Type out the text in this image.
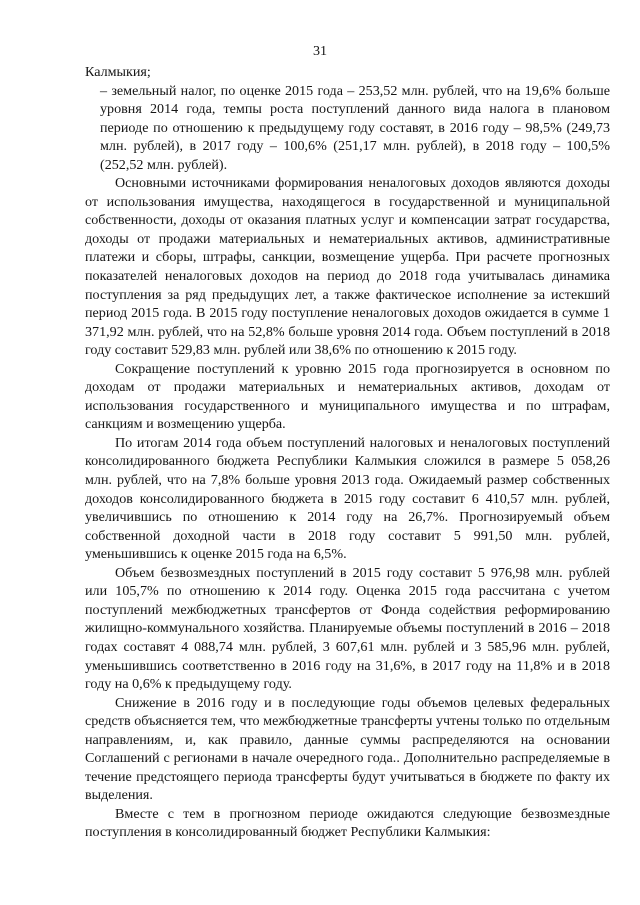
31

Калмыкия;

– земельный налог, по оценке 2015 года – 253,52 млн. рублей, что на 19,6% больше уровня 2014 года, темпы роста поступлений данного вида налога в плановом периоде по отношению к предыдущему году составят, в 2016 году – 98,5% (249,73 млн. рублей), в 2017 году – 100,6% (251,17 млн. рублей), в 2018 году – 100,5% (252,52 млн. рублей).

Основными источниками формирования неналоговых доходов являются доходы от использования имущества, находящегося в государственной и муниципальной собственности, доходы от оказания платных услуг и компенсации затрат государства, доходы от продажи материальных и нематериальных активов, административные платежи и сборы, штрафы, санкции, возмещение ущерба. При расчете прогнозных показателей неналоговых доходов на период до 2018 года учитывалась динамика поступления за ряд предыдущих лет, а также фактическое исполнение за истекший период 2015 года. В 2015 году поступление неналоговых доходов ожидается в сумме 1 371,92 млн. рублей, что на 52,8% больше уровня 2014 года. Объем поступлений в 2018 году составит 529,83 млн. рублей или 38,6% по отношению к 2015 году.

Сокращение поступлений к уровню 2015 года прогнозируется в основном по доходам от продажи материальных и нематериальных активов, доходам от использования государственного и муниципального имущества и по штрафам, санкциям и возмещению ущерба.

По итогам 2014 года объем поступлений налоговых и неналоговых поступлений консолидированного бюджета Республики Калмыкия сложился в размере 5 058,26 млн. рублей, что на 7,8% больше уровня 2013 года. Ожидаемый размер собственных доходов консолидированного бюджета в 2015 году составит 6 410,57 млн. рублей, увеличившись по отношению к 2014 году на 26,7%. Прогнозируемый объем собственной доходной части в 2018 году составит 5 991,50 млн. рублей, уменьшившись к оценке 2015 года на 6,5%.

Объем безвозмездных поступлений в 2015 году составит 5 976,98 млн. рублей или 105,7% по отношению к 2014 году. Оценка 2015 года рассчитана с учетом поступлений межбюджетных трансфертов от Фонда содействия реформированию жилищно-коммунального хозяйства. Планируемые объемы поступлений в 2016 – 2018 годах составят 4 088,74 млн. рублей, 3 607,61 млн. рублей и 3 585,96 млн. рублей, уменьшившись соответственно в 2016 году на 31,6%, в 2017 году на 11,8% и в 2018 году на 0,6% к предыдущему году.

Снижение в 2016 году и в последующие годы объемов целевых федеральных средств объясняется тем, что межбюджетные трансферты учтены только по отдельным направлениям, и, как правило, данные суммы распределяются на основании Соглашений с регионами в начале очередного года.. Дополнительно распределяемые в течение предстоящего периода трансферты будут учитываться в бюджете по факту их выделения.

Вместе с тем в прогнозном периоде ожидаются следующие безвозмездные поступления в консолидированный бюджет Республики Калмыкия:
